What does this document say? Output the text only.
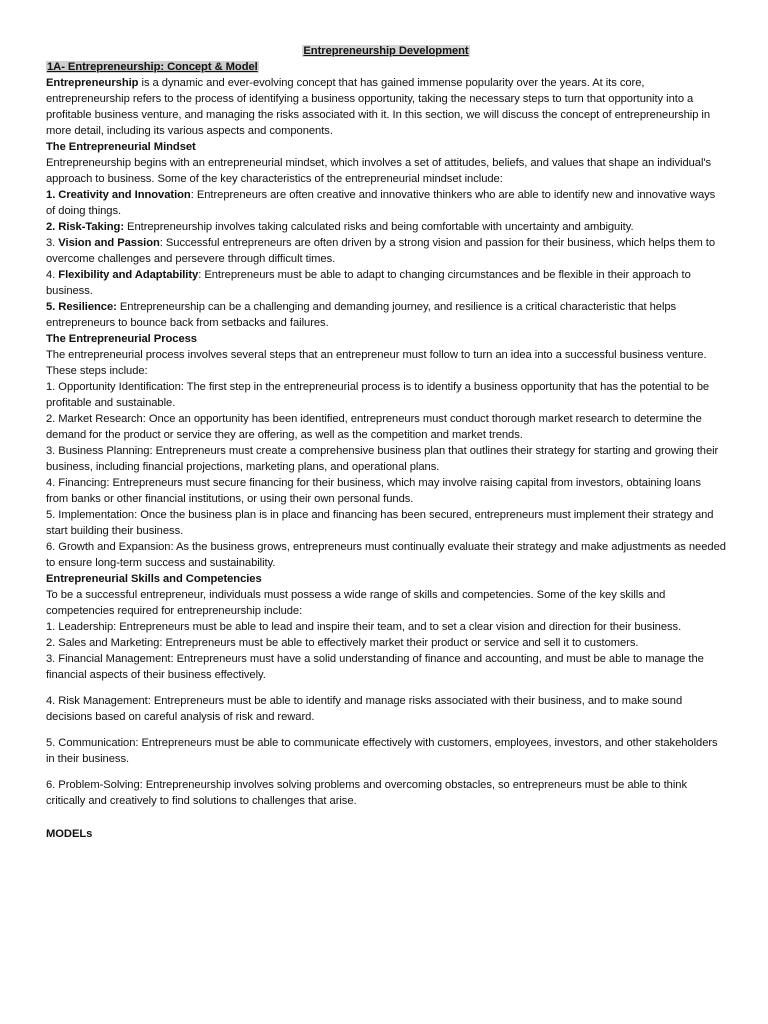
Entrepreneurship Development

1A- Entrepreneurship: Concept & Model

Entrepreneurship is a dynamic and ever-evolving concept that has gained immense popularity over the years. At its core, entrepreneurship refers to the process of identifying a business opportunity, taking the necessary steps to turn that opportunity into a profitable business venture, and managing the risks associated with it. In this section, we will discuss the concept of entrepreneurship in more detail, including its various aspects and components.

The Entrepreneurial Mindset

Entrepreneurship begins with an entrepreneurial mindset, which involves a set of attitudes, beliefs, and values that shape an individual's approach to business. Some of the key characteristics of the entrepreneurial mindset include:

1. Creativity and Innovation: Entrepreneurs are often creative and innovative thinkers who are able to identify new and innovative ways of doing things.

2. Risk-Taking: Entrepreneurship involves taking calculated risks and being comfortable with uncertainty and ambiguity.

3. Vision and Passion: Successful entrepreneurs are often driven by a strong vision and passion for their business, which helps them to overcome challenges and persevere through difficult times.

4. Flexibility and Adaptability: Entrepreneurs must be able to adapt to changing circumstances and be flexible in their approach to business.

5. Resilience: Entrepreneurship can be a challenging and demanding journey, and resilience is a critical characteristic that helps entrepreneurs to bounce back from setbacks and failures.

The Entrepreneurial Process

The entrepreneurial process involves several steps that an entrepreneur must follow to turn an idea into a successful business venture. These steps include:

1. Opportunity Identification: The first step in the entrepreneurial process is to identify a business opportunity that has the potential to be profitable and sustainable.

2. Market Research: Once an opportunity has been identified, entrepreneurs must conduct thorough market research to determine the demand for the product or service they are offering, as well as the competition and market trends.

3. Business Planning: Entrepreneurs must create a comprehensive business plan that outlines their strategy for starting and growing their business, including financial projections, marketing plans, and operational plans.

4. Financing: Entrepreneurs must secure financing for their business, which may involve raising capital from investors, obtaining loans from banks or other financial institutions, or using their own personal funds.

5. Implementation: Once the business plan is in place and financing has been secured, entrepreneurs must implement their strategy and start building their business.

6. Growth and Expansion: As the business grows, entrepreneurs must continually evaluate their strategy and make adjustments as needed to ensure long-term success and sustainability.

Entrepreneurial Skills and Competencies

To be a successful entrepreneur, individuals must possess a wide range of skills and competencies. Some of the key skills and competencies required for entrepreneurship include:

1. Leadership: Entrepreneurs must be able to lead and inspire their team, and to set a clear vision and direction for their business.

2. Sales and Marketing: Entrepreneurs must be able to effectively market their product or service and sell it to customers.

3. Financial Management: Entrepreneurs must have a solid understanding of finance and accounting, and must be able to manage the financial aspects of their business effectively.

4. Risk Management: Entrepreneurs must be able to identify and manage risks associated with their business, and to make sound decisions based on careful analysis of risk and reward.

5. Communication: Entrepreneurs must be able to communicate effectively with customers, employees, investors, and other stakeholders in their business.

6. Problem-Solving: Entrepreneurship involves solving problems and overcoming obstacles, so entrepreneurs must be able to think critically and creatively to find solutions to challenges that arise.

MODELs
